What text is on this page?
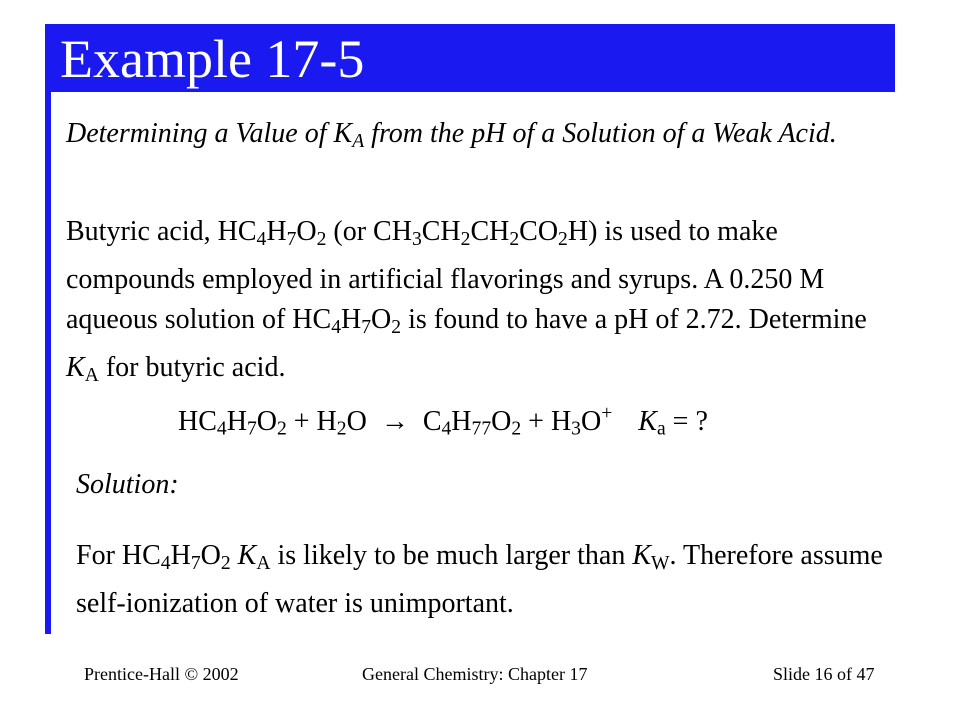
Example 17-5
Determining a Value of $K_A$ from the pH of a Solution of a Weak Acid.
Butyric acid, $HC_4H_7O_2$ (or $CH_3CH_2CH_2CO_2H$) is used to make compounds employed in artificial flavorings and syrups. A 0.250 M aqueous solution of $HC_4H_7O_2$ is found to have a pH of 2.72. Determine $K_A$ for butyric acid.
$HC_4H_7O_2 + H_2O \to C_4H_{77}O_2 + H_3O^+$ $K_a$ = ?
Solution:
For $HC_4H_7O_2$ $K_A$ is likely to be much larger than $K_W$. Therefore assume self-ionization of water is unimportant.
Prentice-Hall © 2002	General Chemistry: Chapter 17	Slide 16 of 47
